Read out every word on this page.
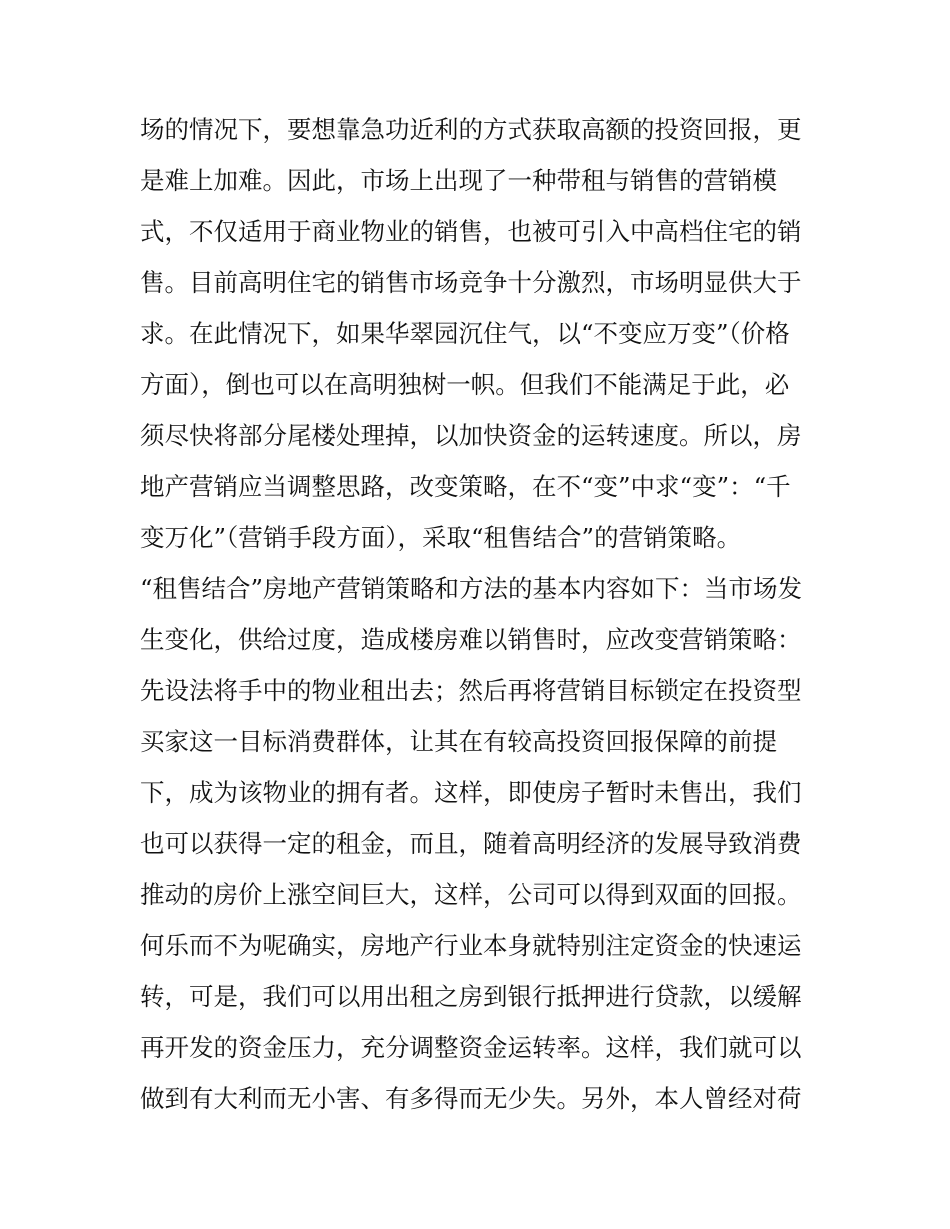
场的情况下，要想靠急功近利的方式获取高额的投资回报，更
是难上加难。因此，市场上出现了一种带租与销售的营销模
式，不仅适用于商业物业的销售，也被可引入中高档住宅的销
售。目前高明住宅的销售市场竞争十分激烈，市场明显供大于
求。在此情况下，如果华翠园沉住气，以“不变应万变”（价格
方面），倒也可以在高明独树一帜。但我们不能满足于此，必
须尽快将部分尾楼处理掉，以加快资金的运转速度。所以，房
地产营销应当调整思路，改变策略，在不“变”中求“变”：“千
变万化”（营销手段方面），采取“租售结合”的营销策略。
“租售结合”房地产营销策略和方法的基本内容如下：当市场发
生变化，供给过度，造成楼房难以销售时，应改变营销策略：
先设法将手中的物业租出去；然后再将营销目标锁定在投资型
买家这一目标消费群体，让其在有较高投资回报保障的前提
下，成为该物业的拥有者。这样，即使房子暂时未售出，我们
也可以获得一定的租金，而且，随着高明经济的发展导致消费
推动的房价上涨空间巨大，这样，公司可以得到双面的回报。
何乐而不为呢确实，房地产行业本身就特别注定资金的快速运
转，可是，我们可以用出租之房到银行抵押进行贷款，以缓解
再开发的资金压力，充分调整资金运转率。这样，我们就可以
做到有大利而无小害、有多得而无少失。另外，本人曾经对荷
